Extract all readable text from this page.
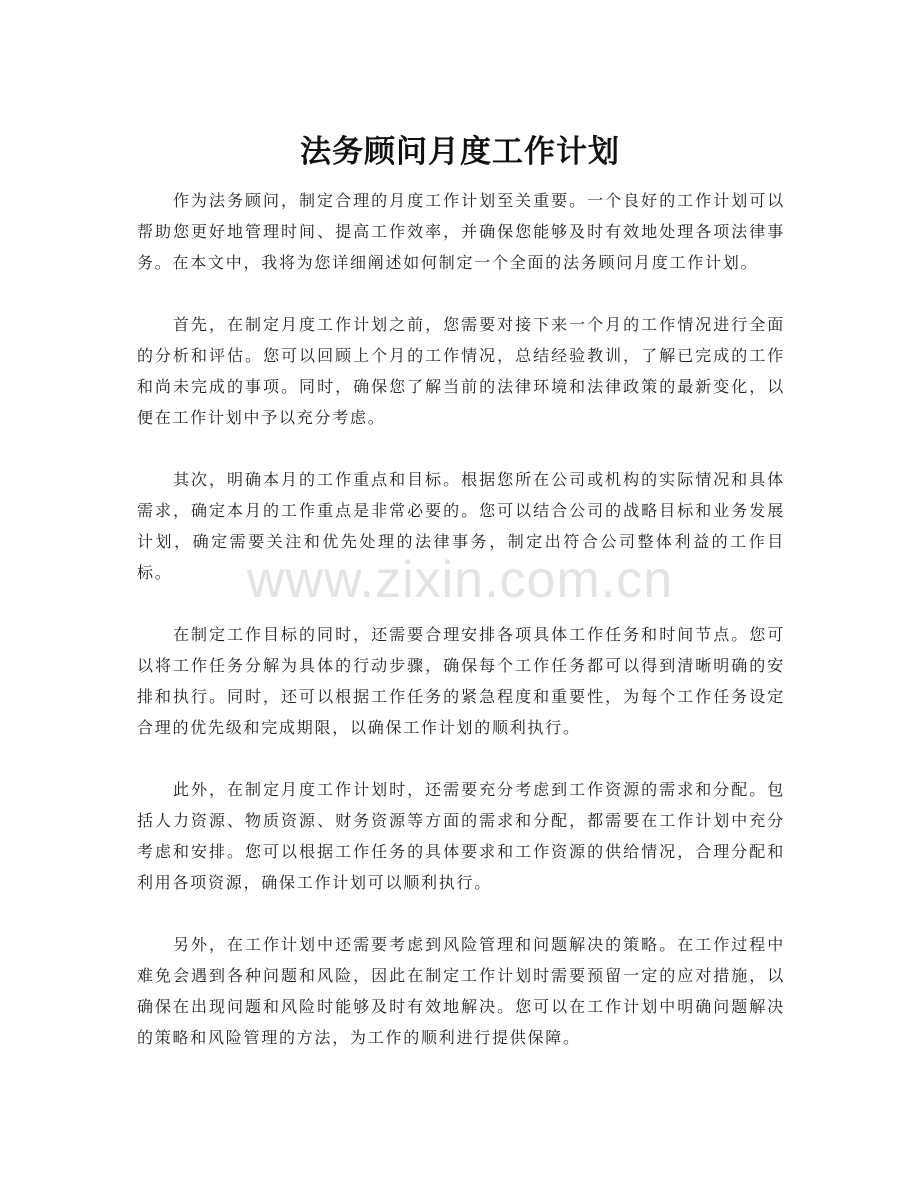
法务顾问月度工作计划

作为法务顾问，制定合理的月度工作计划至关重要。一个良好的工作计划可以帮助您更好地管理时间、提高工作效率，并确保您能够及时有效地处理各项法律事务。在本文中，我将为您详细阐述如何制定一个全面的法务顾问月度工作计划。

首先，在制定月度工作计划之前，您需要对接下来一个月的工作情况进行全面的分析和评估。您可以回顾上个月的工作情况，总结经验教训，了解已完成的工作和尚未完成的事项。同时，确保您了解当前的法律环境和法律政策的最新变化，以便在工作计划中予以充分考虑。

其次，明确本月的工作重点和目标。根据您所在公司或机构的实际情况和具体需求，确定本月的工作重点是非常必要的。您可以结合公司的战略目标和业务发展计划，确定需要关注和优先处理的法律事务，制定出符合公司整体利益的工作目标。

在制定工作目标的同时，还需要合理安排各项具体工作任务和时间节点。您可以将工作任务分解为具体的行动步骤，确保每个工作任务都可以得到清晰明确的安排和执行。同时，还可以根据工作任务的紧急程度和重要性，为每个工作任务设定合理的优先级和完成期限，以确保工作计划的顺利执行。

此外，在制定月度工作计划时，还需要充分考虑到工作资源的需求和分配。包括人力资源、物质资源、财务资源等方面的需求和分配，都需要在工作计划中充分考虑和安排。您可以根据工作任务的具体要求和工作资源的供给情况，合理分配和利用各项资源，确保工作计划可以顺利执行。

另外，在工作计划中还需要考虑到风险管理和问题解决的策略。在工作过程中难免会遇到各种问题和风险，因此在制定工作计划时需要预留一定的应对措施，以确保在出现问题和风险时能够及时有效地解决。您可以在工作计划中明确问题解决的策略和风险管理的方法，为工作的顺利进行提供保障。

www.zixin.com.cn
